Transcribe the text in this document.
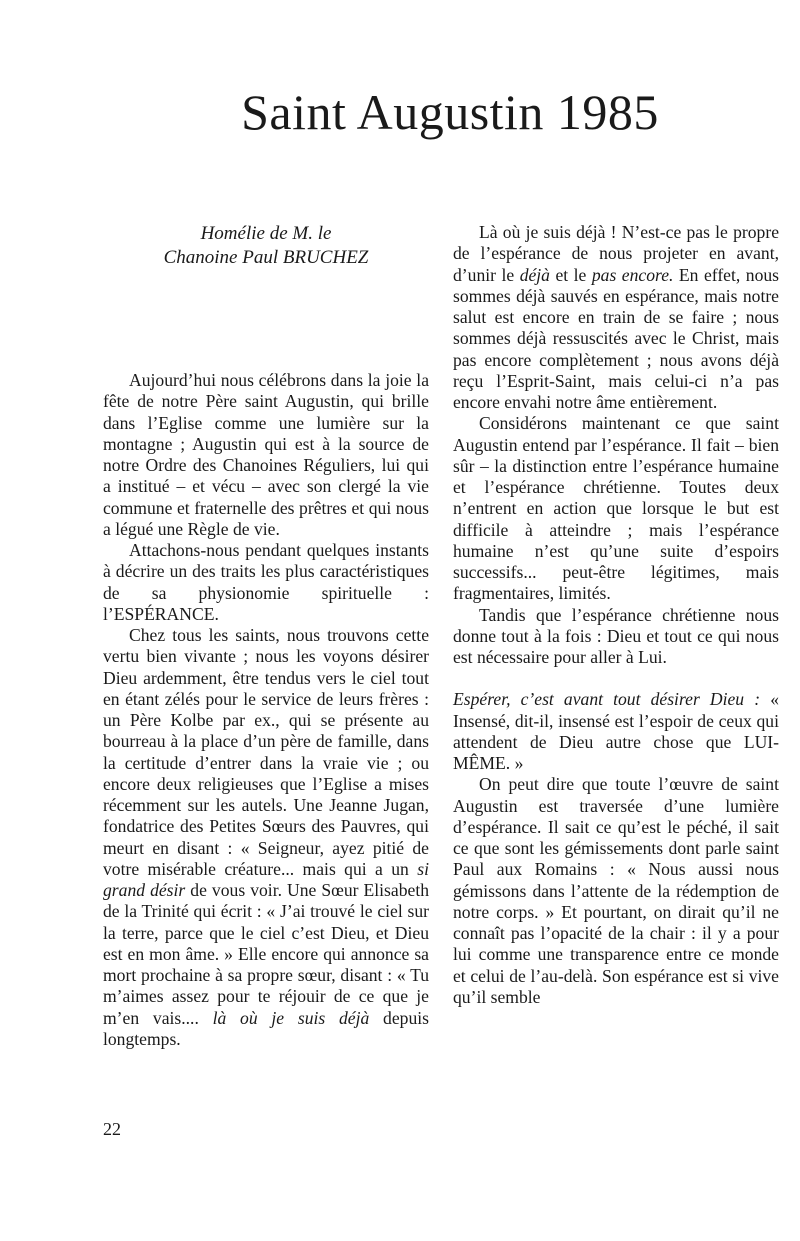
Saint Augustin 1985
Homélie de M. le
Chanoine Paul BRUCHEZ

Aujourd’hui nous célébrons dans la joie la fête de notre Père saint Augustin, qui brille dans l’Eglise comme une lumière sur la montagne ; Augustin qui est à la source de notre Ordre des Chanoines Réguliers, lui qui a institué – et vécu – avec son clergé la vie commune et fraternelle des prêtres et qui nous a légué une Règle de vie.

Attachons-nous pendant quelques instants à décrire un des traits les plus caractéristiques de sa physionomie spirituelle : l’ESPÉRANCE.

Chez tous les saints, nous trouvons cette vertu bien vivante ; nous les voyons désirer Dieu ardemment, être tendus vers le ciel tout en étant zélés pour le service de leurs frères : un Père Kolbe par ex., qui se présente au bourreau à la place d’un père de famille, dans la certitude d’entrer dans la vraie vie ; ou encore deux religieuses que l’Eglise a mises récemment sur les autels. Une Jeanne Jugan, fondatrice des Petites Sœurs des Pauvres, qui meurt en disant : « Seigneur, ayez pitié de votre misérable créature... mais qui a un si grand désir de vous voir. Une Sœur Elisabeth de la Trinité qui écrit : « J’ai trouvé le ciel sur la terre, parce que le ciel c’est Dieu, et Dieu est en mon âme. » Elle encore qui annonce sa mort prochaine à sa propre sœur, disant : « Tu m’aimes assez pour te réjouir de ce que je m’en vais.... là où je suis déjà depuis longtemps.

Là où je suis déjà ! N’est-ce pas le propre de l’espérance de nous projeter en avant, d’unir le déjà et le pas encore. En effet, nous sommes déjà sauvés en espérance, mais notre salut est encore en train de se faire ; nous sommes déjà ressuscités avec le Christ, mais pas encore complètement ; nous avons déjà reçu l’Esprit-Saint, mais celui-ci n’a pas encore envahi notre âme entièrement.

Considérons maintenant ce que saint Augustin entend par l’espérance. Il fait – bien sûr – la distinction entre l’espérance humaine et l’espérance chrétienne. Toutes deux n’entrent en action que lorsque le but est difficile à atteindre ; mais l’espérance humaine n’est qu’une suite d’espoirs successifs... peut-être légitimes, mais fragmentaires, limités.

Tandis que l’espérance chrétienne nous donne tout à la fois : Dieu et tout ce qui nous est nécessaire pour aller à Lui.

Espérer, c’est avant tout désirer Dieu : « Insensé, dit-il, insensé est l’espoir de ceux qui attendent de Dieu autre chose que LUI-MÊME. »

On peut dire que toute l’œuvre de saint Augustin est traversée d’une lumière d’espérance. Il sait ce qu’est le péché, il sait ce que sont les gémissements dont parle saint Paul aux Romains : « Nous aussi nous gémissons dans l’attente de la rédemption de notre corps. » Et pourtant, on dirait qu’il ne connaît pas l’opacité de la chair : il y a pour lui comme une transparence entre ce monde et celui de l’au-delà. Son espérance est si vive qu’il semble

22
